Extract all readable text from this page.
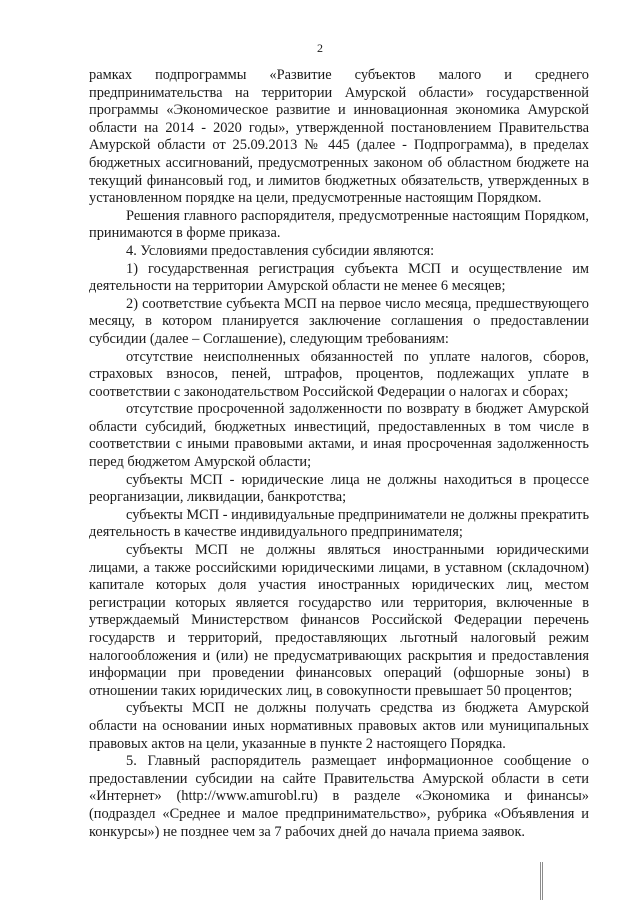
2

рамках подпрограммы «Развитие субъектов малого и среднего предпринимательства на территории Амурской области» государственной программы «Экономическое развитие и инновационная экономика Амурской области на 2014 - 2020 годы», утвержденной постановлением Правительства Амурской области от 25.09.2013 № 445 (далее - Подпрограмма), в пределах бюджетных ассигнований, предусмотренных законом об областном бюджете на текущий финансовый год, и лимитов бюджетных обязательств, утвержденных в установленном порядке на цели, предусмотренные настоящим Порядком.

Решения главного распорядителя, предусмотренные настоящим Порядком, принимаются в форме приказа.

4. Условиями предоставления субсидии являются:

1) государственная регистрация субъекта МСП и осуществление им деятельности на территории Амурской области не менее 6 месяцев;

2) соответствие субъекта МСП на первое число месяца, предшествующего месяцу, в котором планируется заключение соглашения о предоставлении субсидии (далее – Соглашение), следующим требованиям:

отсутствие неисполненных обязанностей по уплате налогов, сборов, страховых взносов, пеней, штрафов, процентов, подлежащих уплате в соответствии с законодательством Российской Федерации о налогах и сборах;

отсутствие просроченной задолженности по возврату в бюджет Амурской области субсидий, бюджетных инвестиций, предоставленных в том числе в соответствии с иными правовыми актами, и иная просроченная задолженность перед бюджетом Амурской области;

субъекты МСП - юридические лица не должны находиться в процессе реорганизации, ликвидации, банкротства;

субъекты МСП - индивидуальные предприниматели не должны прекратить деятельность в качестве индивидуального предпринимателя;

субъекты МСП не должны являться иностранными юридическими лицами, а также российскими юридическими лицами, в уставном (складочном) капитале которых доля участия иностранных юридических лиц, местом регистрации которых является государство или территория, включенные в утверждаемый Министерством финансов Российской Федерации перечень государств и территорий, предоставляющих льготный налоговый режим налогообложения и (или) не предусматривающих раскрытия и предоставления информации при проведении финансовых операций (офшорные зоны) в отношении таких юридических лиц, в совокупности превышает 50 процентов;

субъекты МСП не должны получать средства из бюджета Амурской области на основании иных нормативных правовых актов или муниципальных правовых актов на цели, указанные в пункте 2 настоящего Порядка.

5. Главный распорядитель размещает информационное сообщение о предоставлении субсидии на сайте Правительства Амурской области в сети «Интернет» (http://www.amurobl.ru) в разделе «Экономика и финансы» (подраздел «Среднее и малое предпринимательство», рубрика «Объявления и конкурсы») не позднее чем за 7 рабочих дней до начала приема заявок.
